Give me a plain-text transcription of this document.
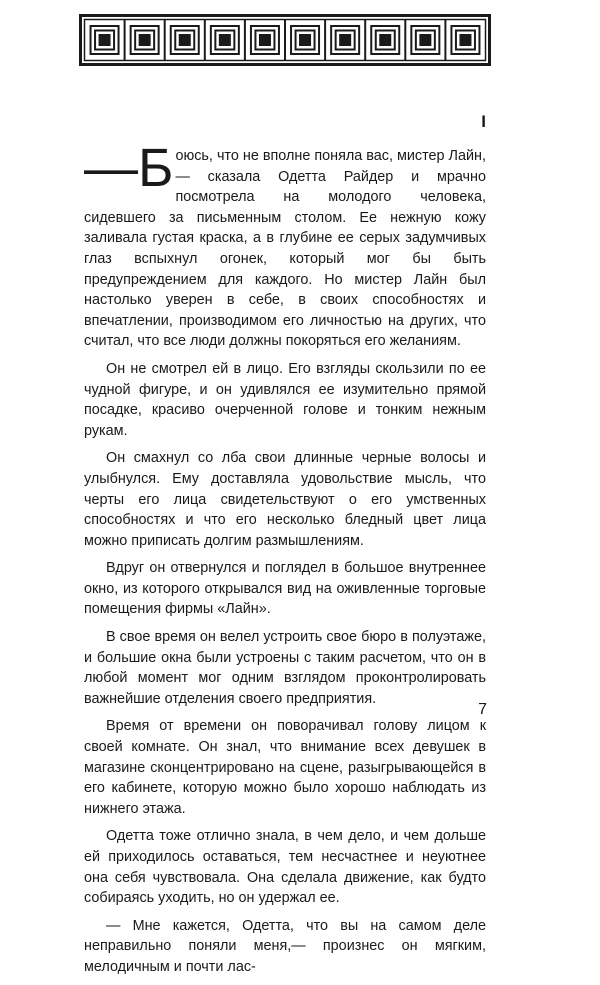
I

—Б оюсь, что не вполне поняла вас, мистер Лайн,— сказала Одетта Райдер и мрачно посмотрела на молодого человека, сидевшего за письменным столом. Ее нежную кожу заливала густая краска, а в глубине ее серых задумчивых глаз вспыхнул огонек, который мог бы быть предупреждением для каждого. Но мистер Лайн был настолько уверен в себе, в своих способностях и впечатлении, производимом его личностью на других, что считал, что все люди должны покоряться его желаниям.

Он не смотрел ей в лицо. Его взгляды скользили по ее чудной фигуре, и он удивлялся ее изумительно прямой посадке, красиво очерченной голове и тонким нежным рукам.

Он смахнул со лба свои длинные черные волосы и улыбнулся. Ему доставляла удовольствие мысль, что черты его лица свидетельствуют о его умственных способностях и что его несколько бледный цвет лица можно приписать долгим размышлениям.

Вдруг он отвернулся и поглядел в большое внутреннее окно, из которого открывался вид на оживленные торговые помещения фирмы «Лайн».

В свое время он велел устроить свое бюро в полуэтаже, и большие окна были устроены с таким расчетом, что он в любой момент мог одним взглядом проконтролировать важнейшие отделения своего предприятия.

Время от времени он поворачивал голову лицом к своей комнате. Он знал, что внимание всех девушек в магазине сконцентрировано на сцене, разыгрывающейся в его кабинете, которую можно было хорошо наблюдать из нижнего этажа.

Одетта тоже отлично знала, в чем дело, и чем дольше ей приходилось оставаться, тем несчастнее и неуютнее она себя чувствовала. Она сделала движение, как будто собираясь уходить, но он удержал ее.

— Мне кажется, Одетта, что вы на самом деле неправильно поняли меня,— произнес он мягким, мелодичным и почти лас-

7
